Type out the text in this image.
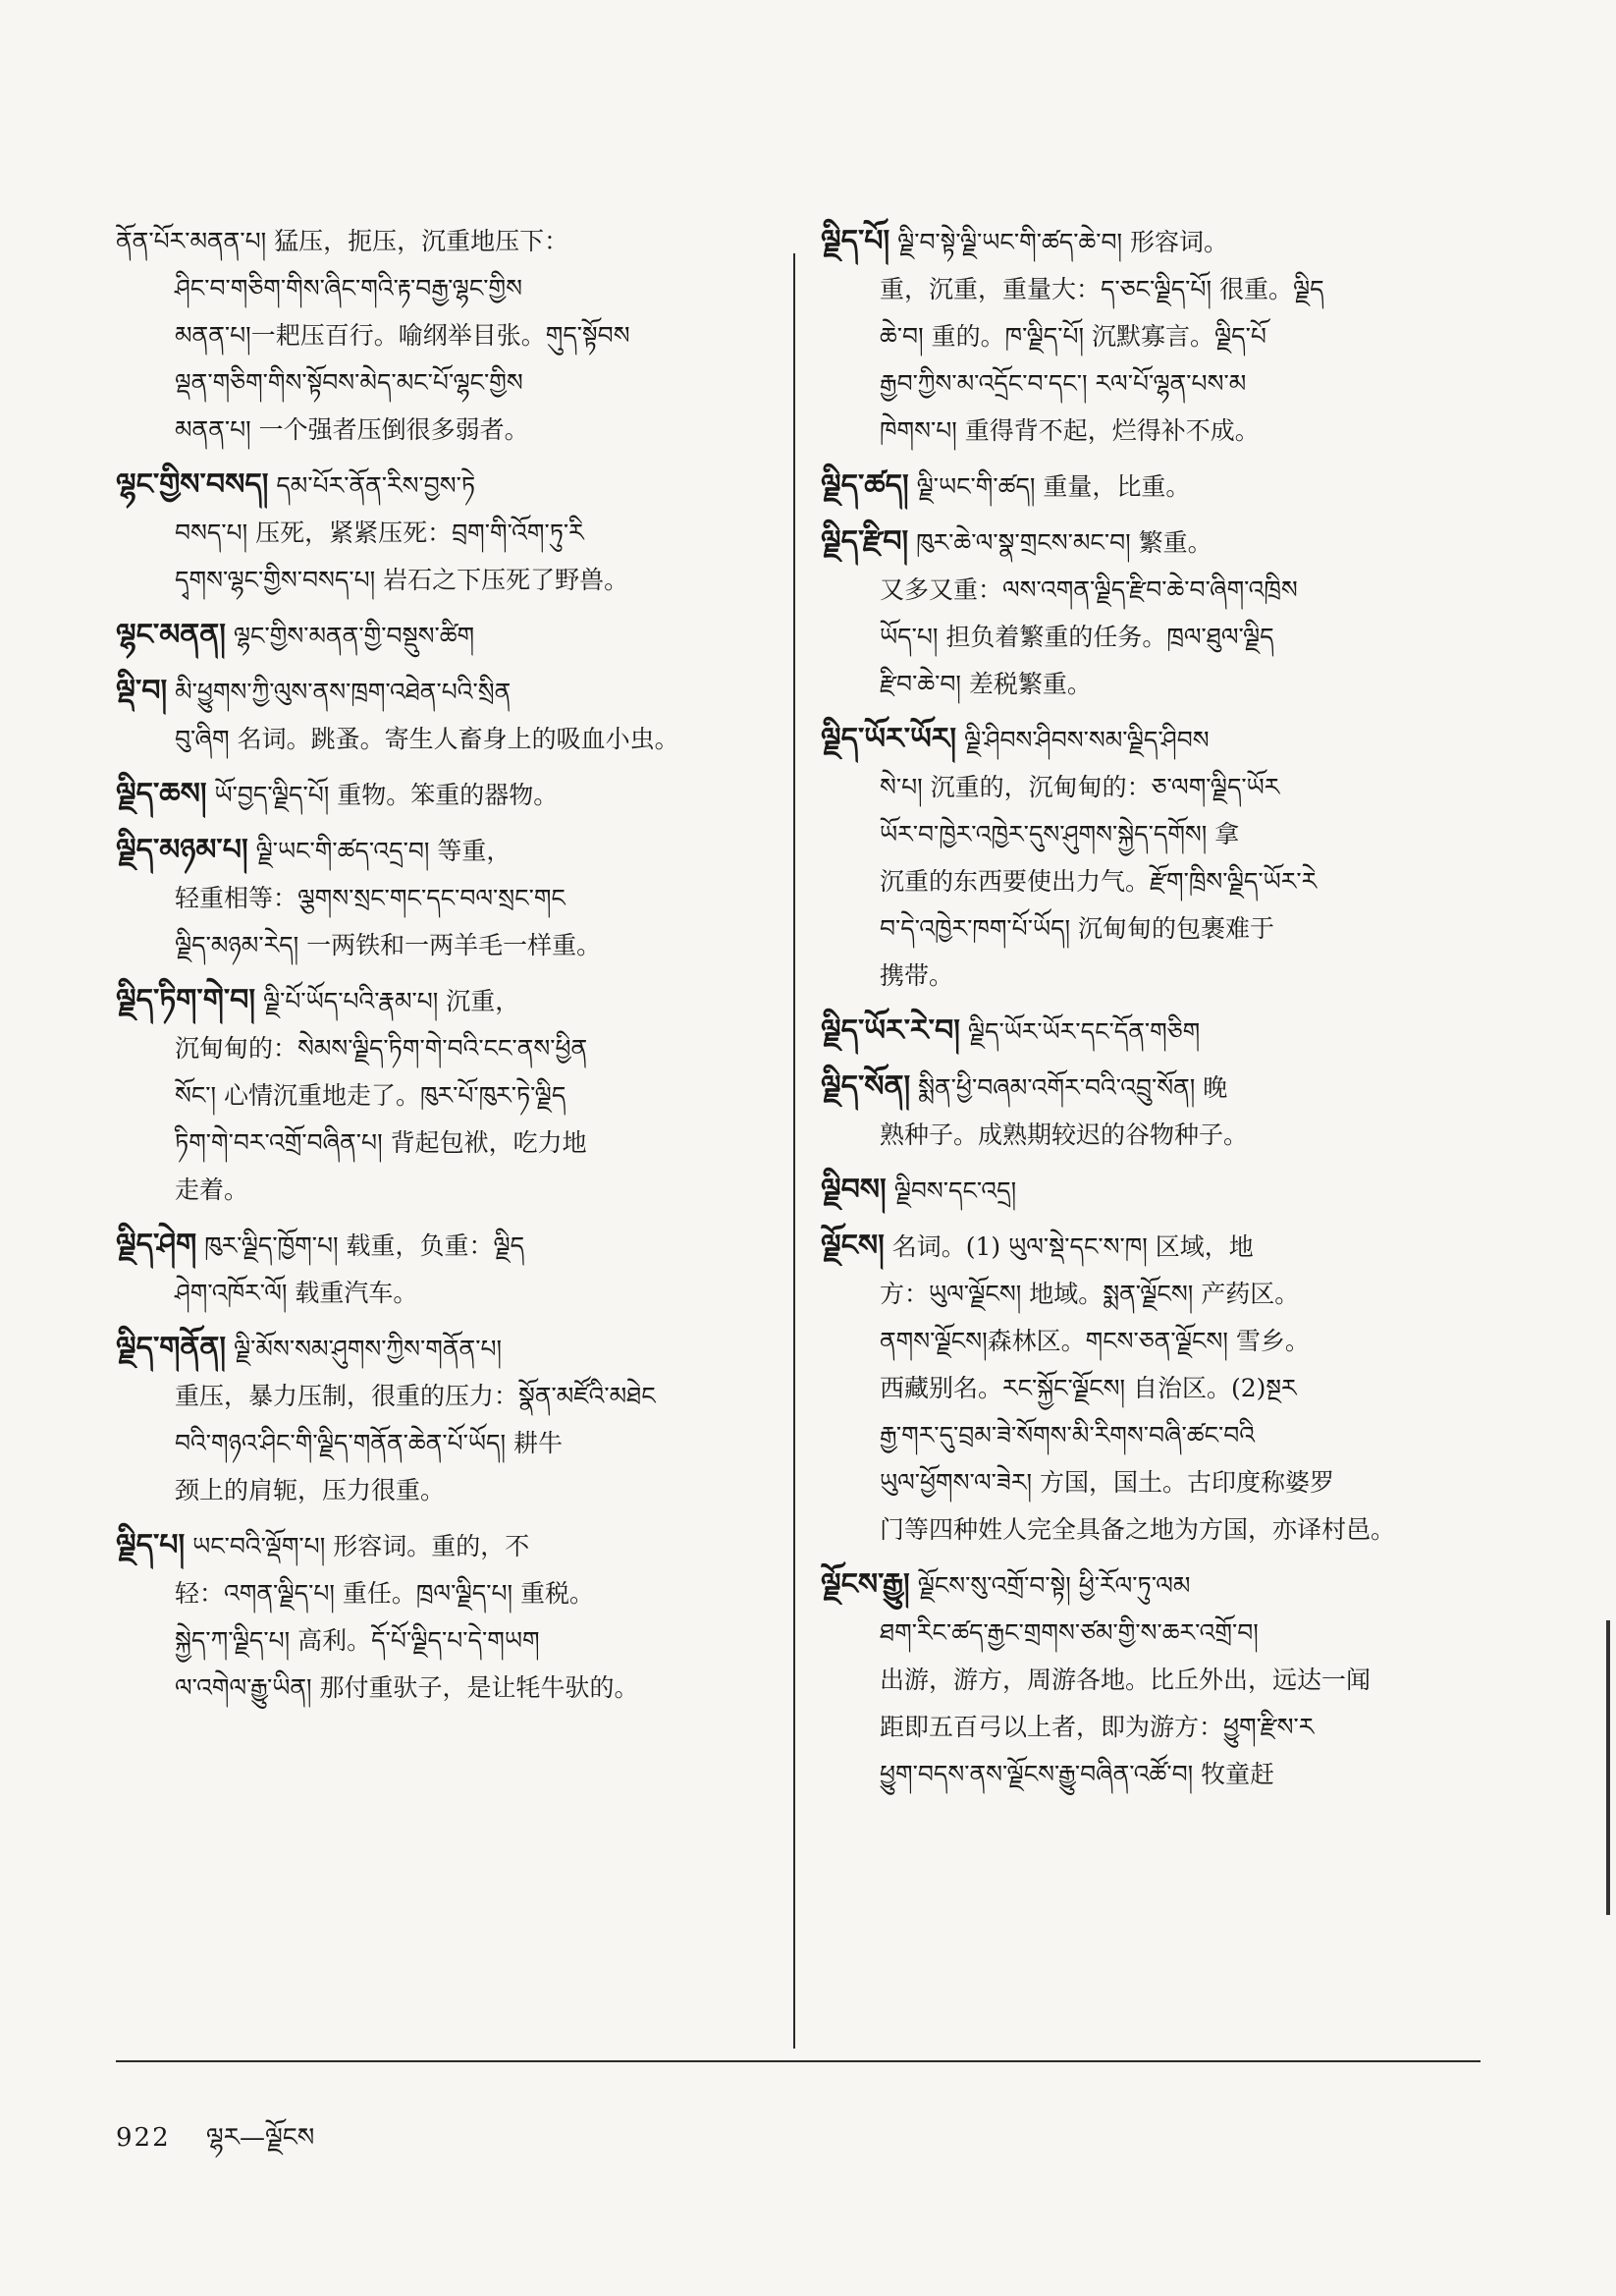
ནོན་པོར་མནན་པ། 猛压，扼压，沉重地压下：
ཤིང་བ་གཅིག་གིས་ཞིང་གའི་རྟ་བརྒྱ་ལྷང་གྱིས
མནན་པ།一耙压百行。喻纲举目张。གུད་སྟོབས
ལྡན་གཅིག་གིས་སྟོབས་མེད་མང་པོ་ལྷང་གྱིས
མནན་པ། 一个强者压倒很多弱者。
ལྷང་གྱིས་བསད། དམ་པོར་ནོན་རིས་བྱས་ཏེ
བསད་པ། 压死，紧紧压死：བྲག་གི་འོག་ཏུ་རི
དྭགས་ལྷང་གྱིས་བསད་པ། 岩石之下压死了野兽。
ལྷང་མནན། ལྷང་གྱིས་མནན་གྱི་བསྡུས་ཚིག
ལྡི་བ། མི་ཕྱུགས་ཀྱི་ལུས་ནས་ཁྲག་འཐེན་པའི་སྲིན
བུ་ཞིག 名词。跳蚤。寄生人畜身上的吸血小虫。
ལྗིད་ཆས། ཡོ་བྱད་ལྗིད་པོ། 重物。笨重的器物。
ལྗིད་མཉམ་པ། ལྗི་ཡང་གི་ཚད་འདྲ་བ། 等重，
轻重相等：ལྕགས་སྲང་གང་དང་བལ་སྲང་གང
ལྗིད་མཉམ་རེད། 一两铁和一两羊毛一样重。
ལྗིད་ཏིག་གེ་བ། ལྗི་པོ་ཡོད་པའི་རྣམ་པ། 沉重，
沉甸甸的：སེམས་ལྗིད་ཏིག་གེ་བའི་ངང་ནས་ཕྱིན
སོང་། 心情沉重地走了。ཁུར་པོ་ཁུར་ཏེ་ལྗིད
ཏིག་གེ་བར་འགྲོ་བཞིན་པ། 背起包袱，吃力地
走着。
ལྗིད་ཤེག ཁུར་ལྗིད་ཁྱོག་པ། 载重，负重：ལྗིད
ཤེག་འཁོར་ལོ། 载重汽车。
ལྗིད་གནོན། ལྗི་མོས་སམ་ཤུགས་ཀྱིས་གནོན་པ།
重压，暴力压制，很重的压力：སྣོན་མཛོའི་མཐེང
བའི་གཉའ་ཤིང་གི་ལྗིད་གནོན་ཆེན་པོ་ཡོད། 耕牛
颈上的肩轭，压力很重。
ལྗིད་པ། ཡང་བའི་ལྡོག་པ། 形容词。重的，不
轻：འགན་ལྗིད་པ། 重任。ཁྲལ་ལྗིད་པ། 重税。
སྐྱེད་ཀ་ལྗིད་པ། 高利。དོ་པོ་ལྗིད་པ་དེ་གཡག
ལ་འགེལ་རྒྱུ་ཡིན། 那付重驮子，是让牦牛驮的。
ལྗིད་པོ། ལྗི་བ་སྟེ་ལྗི་ཡང་གི་ཚད་ཆེ་བ། 形容词。
重，沉重，重量大：ད་ཅང་ལྗིད་པོ། 很重。ལྗིད
ཆེ་བ། 重的。ཁ་ལྗིད་པོ། 沉默寡言。ལྗིད་པོ
རྒྱབ་ཀྱིས་མ་འདྲོང་བ་དང་། རལ་པོ་ལྷན་པས་མ
ཁེགས་པ། 重得背不起，烂得补不成。
ལྗིད་ཚད། ལྗི་ཡང་གི་ཚད། 重量，比重。
ལྗིད་རྫིབ། ཁུར་ཆེ་ལ་སྣ་གྲངས་མང་བ། 繁重。
又多又重：ལས་འགན་ལྗིད་རྫིབ་ཆེ་བ་ཞིག་འཁྲིས
ཡོད་པ། 担负着繁重的任务。ཁྲལ་ཐུལ་ལྗིད
རྫིབ་ཆེ་བ། 差税繁重。
ལྗིད་ཡོར་ཡོར། ལྗི་ཤིབས་ཤིབས་སམ་ལྗིད་ཤིབས
སེ་པ། 沉重的，沉甸甸的：ཅ་ལག་ལྗིད་ཡོར
ཡོར་བ་ཁྱེར་འཁྱེར་དུས་ཤུགས་སྐྱེད་དགོས། 拿
沉重的东西要使出力气。རྫོག་ཁྲིས་ལྗིད་ཡོར་རེ
བ་དེ་འཁྱེར་ཁག་པོ་ཡོད། 沉甸甸的包裹难于
携带。
ལྗིད་ཡོར་རེ་བ། ལྗིད་ཡོར་ཡོར་དང་དོན་གཅིག
ལྗིད་སོན། སྨིན་ཕྱི་བཞམ་འགོར་བའི་འབྲུ་སོན། 晚
熟种子。成熟期较迟的谷物种子。
ལྗིབས། ལྗིབས་དང་འདྲ།
ལྗོངས། 名词。(1) ཡུལ་སྡེ་དང་ས་ཁ། 区域，地
方：ཡུལ་ལྗོངས། 地域。སྨན་ལྗོངས། 产药区。
ནགས་ལྗོངས།森林区。གངས་ཅན་ལྗོངས། 雪乡。
西藏别名。རང་སྐྱོང་ལྗོངས། 自治区。(2)སྔར
རྒྱ་གར་དུ་བྲམ་ཟེ་སོགས་མི་རིགས་བཞི་ཚང་བའི
ཡུལ་ཕྱོགས་ལ་ཟེར། 方国，国土。古印度称婆罗
门等四种姓人完全具备之地为方国，亦译村邑。
ལྗོངས་རྒྱུ། ལྗོངས་སུ་འགྲོ་བ་སྟེ། ཕྱི་རོལ་ཏུ་ལམ
ཐག་རིང་ཚད་རྒྱང་གྲགས་ཙམ་གྱི་ས་ཆར་འགྲོ་བ།
出游，游方，周游各地。比丘外出，远达一闻
距即五百弓以上者，即为游方：ཕྱུག་རྫིས་ར
ཕྱུག་བདས་ནས་ལྗོངས་རྒྱུ་བཞིན་འཚོ་བ། 牧童赶
922 ལྷར—ལྗོངས
